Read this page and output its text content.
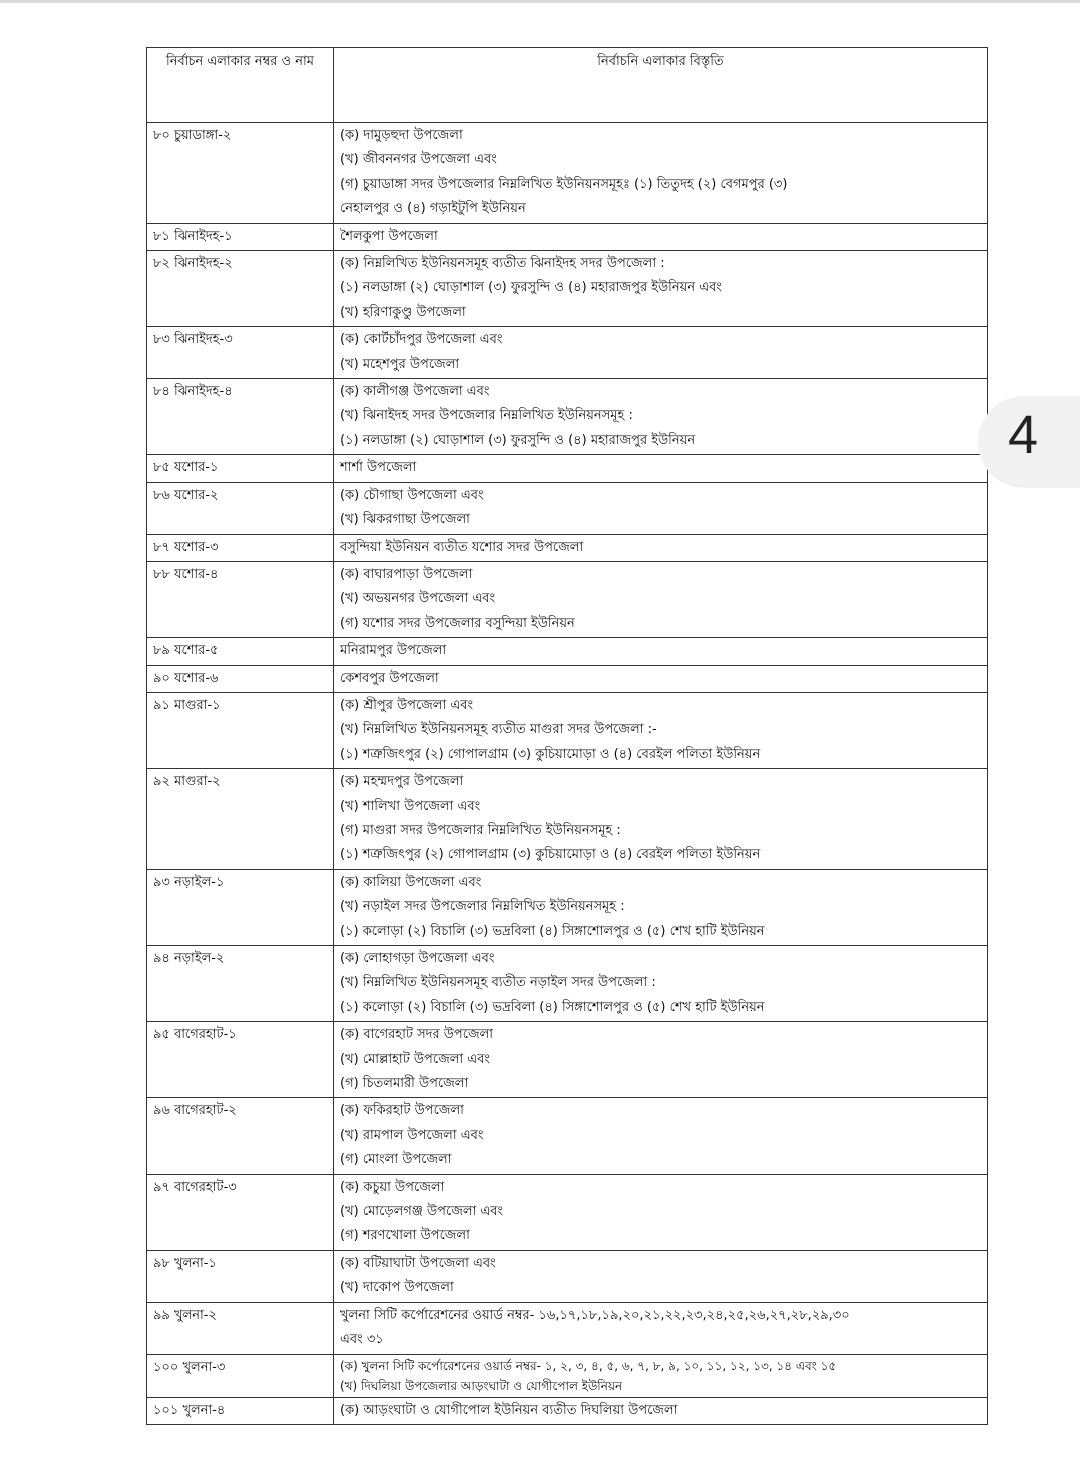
নির্বাচন এলাকার নম্বর ও নাম	নির্বাচনি এলাকার বিস্তৃতি
৮০ চুয়াডাঙ্গা-২	(ক) দামুড়হুদা উপজেলা
(খ) জীবননগর উপজেলা এবং
(গ) চুয়াডাঙ্গা সদর উপজেলার নিম্নলিখিত ইউনিয়নসমূহঃ (১) তিতুদহ (২) বেগমপুর (৩)
নেহালপুর ও (৪) গড়াইটুপি ইউনিয়ন

৮১ ঝিনাইদহ-১	শৈলকুপা উপজেলা

৮২ ঝিনাইদহ-২	(ক) নিম্নলিখিত ইউনিয়নসমূহ ব্যতীত ঝিনাইদহ সদর উপজেলা :
(১) নলডাঙ্গা (২) ঘোড়াশাল (৩) ফুরসুন্দি ও (৪) মহারাজপুর ইউনিয়ন এবং
(খ) হরিণাকুণ্ডু উপজেলা

৮৩ ঝিনাইদহ-৩	(ক) কোর্টচাঁদপুর উপজেলা এবং
(খ) মহেশপুর উপজেলা

৮৪ ঝিনাইদহ-৪	(ক) কালীগঞ্জ উপজেলা এবং
(খ) ঝিনাইদহ সদর উপজেলার নিম্নলিখিত ইউনিয়নসমূহ :
(১) নলডাঙ্গা (২) ঘোড়াশাল (৩) ফুরসুন্দি ও (৪) মহারাজপুর ইউনিয়ন

৮৫ যশোর-১	শার্শা উপজেলা

৮৬ যশোর-২	(ক) চৌগাছা উপজেলা এবং
(খ) ঝিকরগাছা উপজেলা

৮৭ যশোর-৩	বসুন্দিয়া ইউনিয়ন ব্যতীত যশোর সদর উপজেলা

৮৮ যশোর-৪	(ক) বাঘারপাড়া উপজেলা
(খ) অভয়নগর উপজেলা এবং
(গ) যশোর সদর উপজেলার বসুন্দিয়া ইউনিয়ন

৮৯ যশোর-৫	মনিরামপুর উপজেলা

৯০ যশোর-৬	কেশবপুর উপজেলা

৯১ মাগুরা-১	(ক) শ্রীপুর উপজেলা এবং
(খ) নিম্নলিখিত ইউনিয়নসমূহ ব্যতীত মাগুরা সদর উপজেলা :-
(১) শত্রুজিৎপুর (২) গোপালগ্রাম (৩) কুচিয়ামোড়া ও (৪) বেরইল পলিতা ইউনিয়ন

৯২ মাগুরা-২	(ক) মহম্মদপুর উপজেলা
(খ) শালিখা উপজেলা এবং
(গ) মাগুরা সদর উপজেলার নিম্নলিখিত ইউনিয়নসমূহ :
(১) শত্রুজিৎপুর (২) গোপালগ্রাম (৩) কুচিয়ামোড়া ও (৪) বেরইল পলিতা ইউনিয়ন

৯৩ নড়াইল-১	(ক) কালিয়া উপজেলা এবং
(খ) নড়াইল সদর উপজেলার নিম্নলিখিত ইউনিয়নসমূহ :
(১) কলোড়া (২) বিচালি (৩) ভদ্রবিলা (৪) সিঙ্গাশোলপুর ও (৫) শেখ হাটি ইউনিয়ন

৯৪ নড়াইল-২	(ক) লোহাগড়া উপজেলা এবং
(খ) নিম্নলিখিত ইউনিয়নসমূহ ব্যতীত নড়াইল সদর উপজেলা :
(১) কলোড়া (২) বিচালি (৩) ভদ্রবিলা (৪) সিঙ্গাশোলপুর ও (৫) শেখ হাটি ইউনিয়ন

৯৫ বাগেরহাট-১	(ক) বাগেরহাট সদর উপজেলা
(খ) মোল্লাহাট উপজেলা এবং
(গ) চিতলমারী উপজেলা

৯৬ বাগেরহাট-২	(ক) ফকিরহাট উপজেলা
(খ) রামপাল উপজেলা এবং
(গ) মোংলা উপজেলা

৯৭ বাগেরহাট-৩	(ক) কচুয়া উপজেলা
(খ) মোড়েলগঞ্জ উপজেলা এবং
(গ) শরণখোলা উপজেলা

৯৮ খুলনা-১	(ক) বটিয়াঘাটা উপজেলা এবং
(খ) দাকোপ উপজেলা

৯৯ খুলনা-২	খুলনা সিটি কর্পোরেশনের ওয়ার্ড নম্বর- ১৬,১৭,১৮,১৯,২০,২১,২২,২৩,২৪,২৫,২৬,২৭,২৮,২৯,৩০
এবং ৩১

১০০ খুলনা-৩	(ক) খুলনা সিটি কর্পোরেশনের ওয়ার্ড নম্বর- ১, ২, ৩, ৪, ৫, ৬, ৭, ৮, ৯, ১০, ১১, ১২, ১৩, ১৪ এবং ১৫
(খ) দিঘলিয়া উপজেলার আড়ংঘাটা ও যোগীপোল ইউনিয়ন

১০১ খুলনা-৪	(ক) আড়ংঘাটা ও যোগীপোল ইউনিয়ন ব্যতীত দিঘলিয়া উপজেলা
4
